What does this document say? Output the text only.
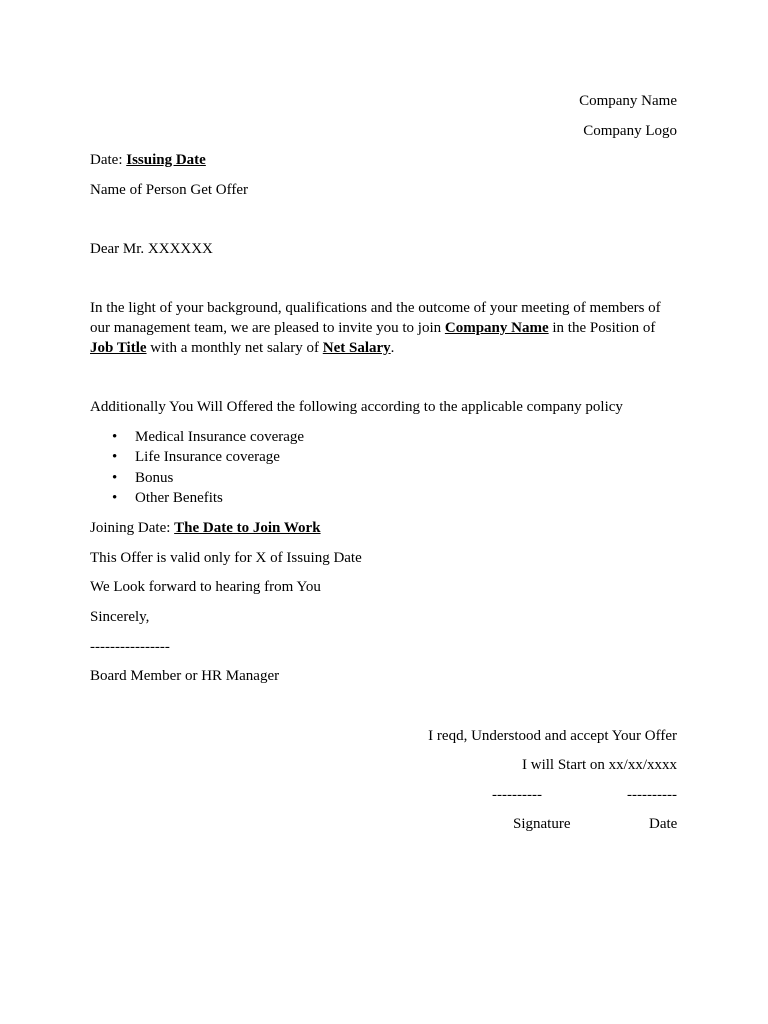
Company Name
Company Logo
Date: Issuing Date
Name of Person Get Offer
Dear Mr. XXXXXX
In the light of your background, qualifications and the outcome of your meeting of members of our management team, we are pleased to invite you to join Company Name in the Position of Job Title with a monthly net salary of Net Salary.
Additionally You Will Offered the following according to the applicable company policy
• Medical Insurance coverage
• Life Insurance coverage
• Bonus
• Other Benefits
Joining Date: The Date to Join Work
This Offer is valid only for X of Issuing Date
We Look forward to hearing from You
Sincerely,
----------------
Board Member or HR Manager
I reqd, Understood and accept Your Offer
I will Start on xx/xx/xxxx
----------	----------
Signature	Date
